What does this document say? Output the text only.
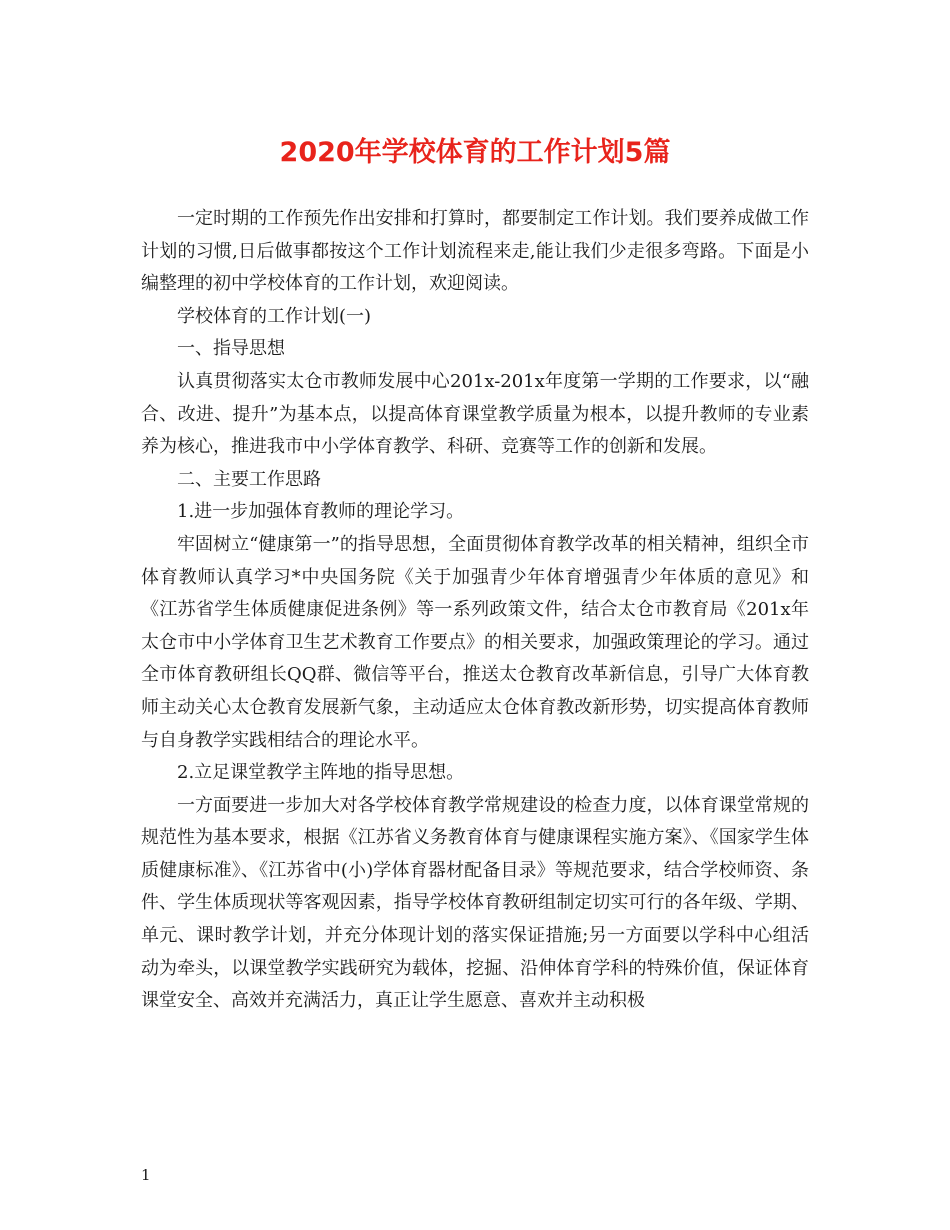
2020年学校体育的工作计划5篇

一定时期的工作预先作出安排和打算时，都要制定工作计划。我们要养成做工作计划的习惯,日后做事都按这个工作计划流程来走,能让我们少走很多弯路。下面是小编整理的初中学校体育的工作计划，欢迎阅读。

学校体育的工作计划(一)

一、指导思想

认真贯彻落实太仓市教师发展中心201x-201x年度第一学期的工作要求，以“融合、改进、提升”为基本点，以提高体育课堂教学质量为根本，以提升教师的专业素养为核心，推进我市中小学体育教学、科研、竞赛等工作的创新和发展。

二、主要工作思路

1.进一步加强体育教师的理论学习。

牢固树立“健康第一”的指导思想，全面贯彻体育教学改革的相关精神，组织全市体育教师认真学习*中央国务院《关于加强青少年体育增强青少年体质的意见》和《江苏省学生体质健康促进条例》等一系列政策文件，结合太仓市教育局《201x年太仓市中小学体育卫生艺术教育工作要点》的相关要求，加强政策理论的学习。通过全市体育教研组长QQ群、微信等平台，推送太仓教育改革新信息，引导广大体育教师主动关心太仓教育发展新气象，主动适应太仓体育教改新形势，切实提高体育教师与自身教学实践相结合的理论水平。

2.立足课堂教学主阵地的指导思想。

一方面要进一步加大对各学校体育教学常规建设的检查力度，以体育课堂常规的规范性为基本要求，根据《江苏省义务教育体育与健康课程实施方案》、《国家学生体质健康标准》、《江苏省中(小)学体育器材配备目录》等规范要求，结合学校师资、条件、学生体质现状等客观因素，指导学校体育教研组制定切实可行的各年级、学期、单元、课时教学计划，并充分体现计划的落实保证措施;另一方面要以学科中心组活动为牵头，以课堂教学实践研究为载体，挖掘、沿伸体育学科的特殊价值，保证体育课堂安全、高效并充满活力，真正让学生愿意、喜欢并主动积极

1
